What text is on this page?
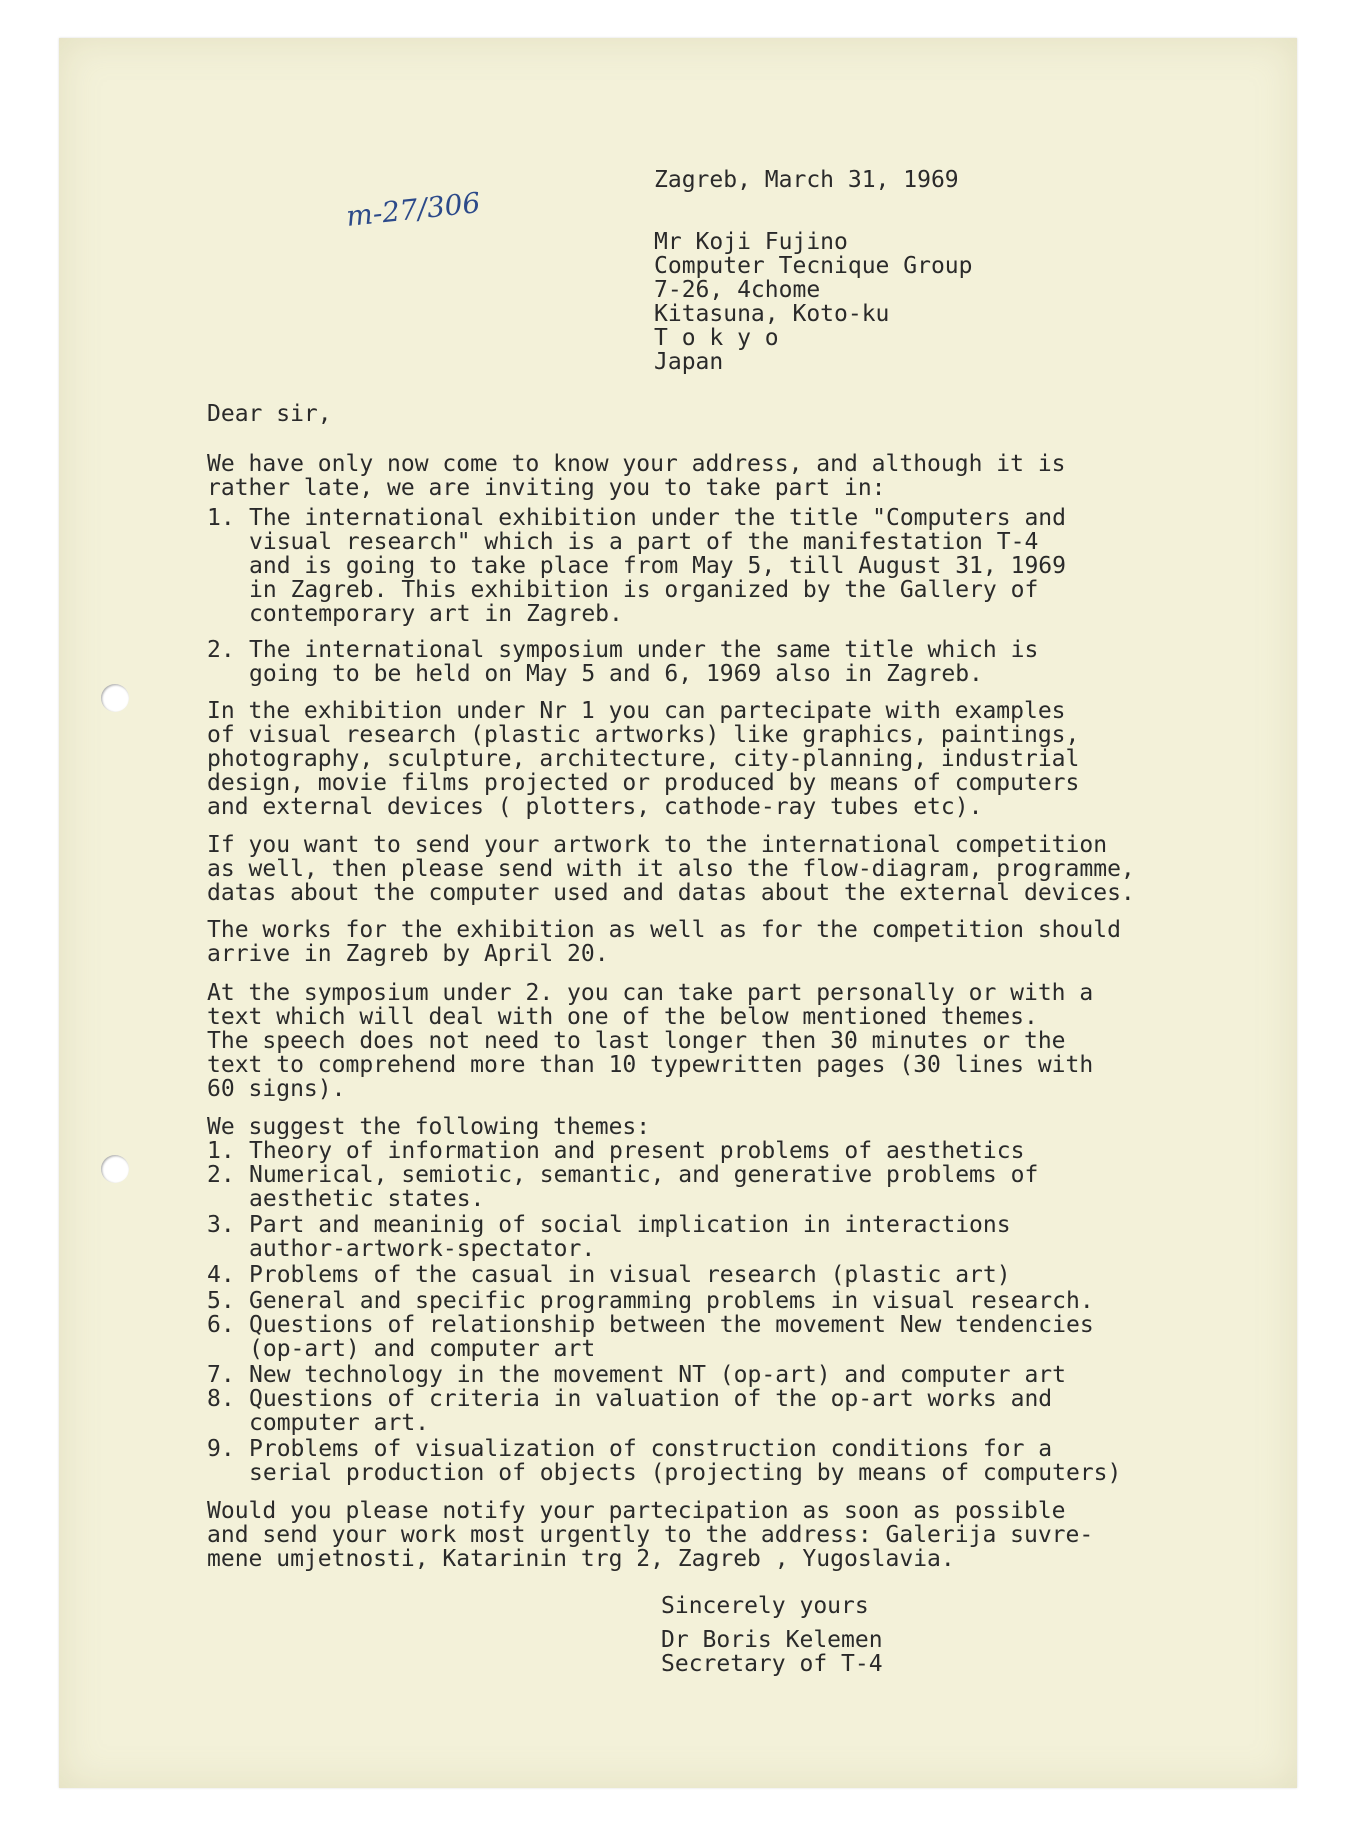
m-27/306
Zagreb, March 31, 1969
Mr Koji Fujino
Computer Tecnique Group
7-26, 4chome
Kitasuna, Koto-ku
T o k y o
Japan
Dear sir,
We have only now come to know your address, and although it is
rather late, we are inviting you to take part in:
1. The international exhibition under the title "Computers and
visual research" which is a part of the manifestation T-4
and is going to take place from May 5, till August 31, 1969
in Zagreb. This exhibition is organized by the Gallery of
contemporary art in Zagreb.
2. The international symposium under the same title which is
going to be held on May 5 and 6, 1969 also in Zagreb.
In the exhibition under Nr 1 you can partecipate with examples
of visual research (plastic artworks) like graphics, paintings,
photography, sculpture, architecture, city-planning, industrial
design, movie films projected or produced by means of computers
and external devices ( plotters, cathode-ray tubes etc).
If you want to send your artwork to the international competition
as well, then please send with it also the flow-diagram, programme,
datas about the computer used and datas about the external devices.
The works for the exhibition as well as for the competition should
arrive in Zagreb by April 20.
At the symposium under 2. you can take part personally or with a
text which will deal with one of the below mentioned themes.
The speech does not need to last longer then 30 minutes or the
text to comprehend more than 10 typewritten pages (30 lines with
60 signs).
We suggest the following themes:
1. Theory of information and present problems of aesthetics
2. Numerical, semiotic, semantic, and generative problems of
aesthetic states.
3. Part and meaninig of social implication in interactions
author-artwork-spectator.
4. Problems of the casual in visual research (plastic art)
5. General and specific programming problems in visual research.
6. Questions of relationship between the movement New tendencies
(op-art) and computer art
7. New technology in the movement NT (op-art) and computer art
8. Questions of criteria in valuation of the op-art works and
computer art.
9. Problems of visualization of construction conditions for a
serial production of objects (projecting by means of computers)
Would you please notify your partecipation as soon as possible
and send your work most urgently to the address: Galerija suvre-
mene umjetnosti, Katarinin trg 2, Zagreb , Yugoslavia.
Sincerely yours
Dr Boris Kelemen
Secretary of T-4
